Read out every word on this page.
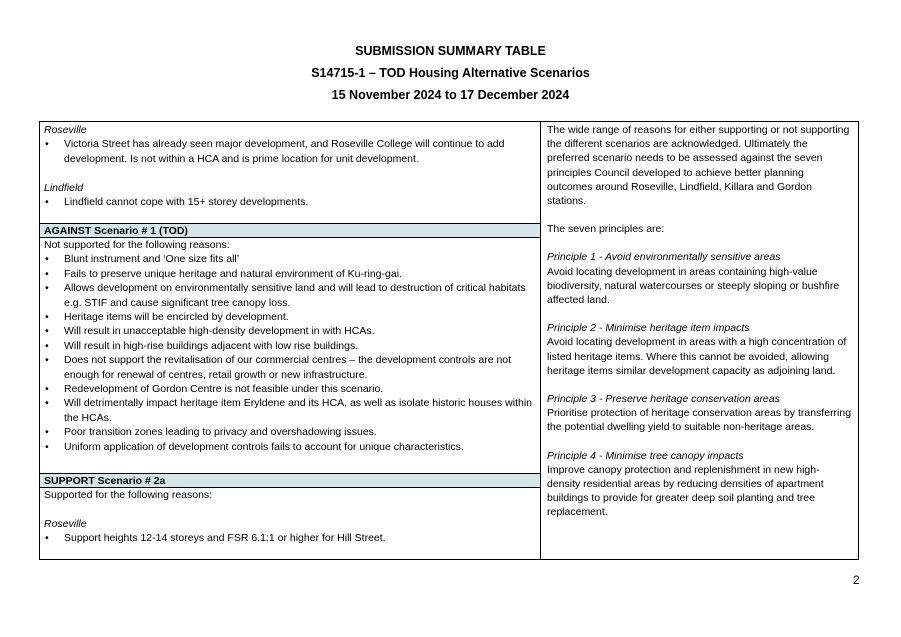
SUBMISSION SUMMARY TABLE
S14715-1 – TOD Housing Alternative Scenarios
15 November 2024 to 17 December 2024

Roseville

• Victoria Street has already seen major development, and Roseville College will continue to add development. Is not within a HCA and is prime location for unit development.

Lindfield

• Lindfield cannot cope with 15+ storey developments.
AGAINST Scenario # 1 (TOD)

Not supported for the following reasons:

• Blunt instrument and ‘One size fits all’
• Fails to preserve unique heritage and natural environment of Ku-ring-gai.
• Allows development on environmentally sensitive land and will lead to destruction of critical habitats e.g. STIF and cause significant tree canopy loss.
• Heritage items will be encircled by development.
• Will result in unacceptable high-density development in with HCAs.
• Will result in high-rise buildings adjacent with low rise buildings.
• Does not support the revitalisation of our commercial centres – the development controls are not enough for renewal of centres, retail growth or new infrastructure.
• Redevelopment of Gordon Centre is not feasible under this scenario.
• Will detrimentally impact heritage item Eryldene and its HCA, as well as isolate historic houses within the HCAs.
• Poor transition zones leading to privacy and overshadowing issues.
• Uniform application of development controls fails to account for unique characteristics.
SUPPORT Scenario # 2a

Supported for the following reasons:

Roseville

• Support heights 12-14 storeys and FSR 6.1:1 or higher for Hill Street.

The wide range of reasons for either supporting or not supporting the different scenarios are acknowledged. Ultimately the preferred scenario needs to be assessed against the seven principles Council developed to achieve better planning outcomes around Roseville, Lindfield, Killara and Gordon stations.

The seven principles are:

Principle 1 - Avoid environmentally sensitive areas

Avoid locating development in areas containing high-value biodiversity, natural watercourses or steeply sloping or bushfire affected land.

Principle 2 - Minimise heritage item impacts

Avoid locating development in areas with a high concentration of listed heritage items. Where this cannot be avoided, allowing heritage items similar development capacity as adjoining land.

Principle 3 - Preserve heritage conservation areas

Prioritise protection of heritage conservation areas by transferring the potential dwelling yield to suitable non-heritage areas.

Principle 4 - Minimise tree canopy impacts

Improve canopy protection and replenishment in new high-density residential areas by reducing densities of apartment buildings to provide for greater deep soil planting and tree replacement.

2
